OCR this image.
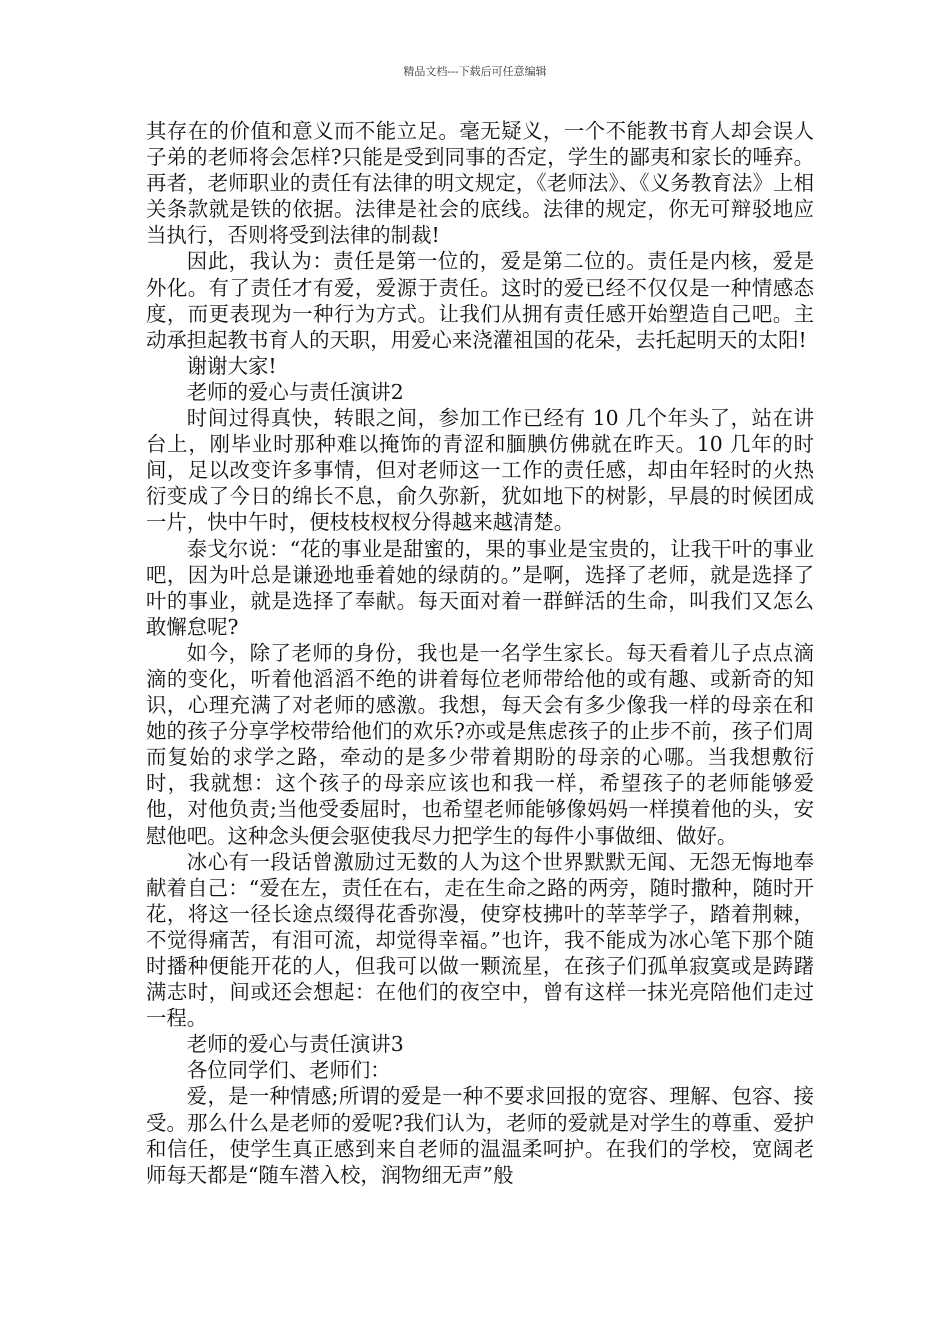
精品文档---下载后可任意编辑

其存在的价值和意义而不能立足。毫无疑义，一个不能教书育人却会误人子弟的老师将会怎样?只能是受到同事的否定，学生的鄙夷和家长的唾弃。再者，老师职业的责任有法律的明文规定，《老师法》、《义务教育法》上相关条款就是铁的依据。法律是社会的底线。法律的规定，你无可辩驳地应当执行，否则将受到法律的制裁!

因此，我认为：责任是第一位的，爱是第二位的。责任是内核，爱是外化。有了责任才有爱，爱源于责任。这时的爱已经不仅仅是一种情感态度，而更表现为一种行为方式。让我们从拥有责任感开始塑造自己吧。主动承担起教书育人的天职，用爱心来浇灌祖国的花朵，去托起明天的太阳!

谢谢大家!

老师的爱心与责任演讲2

时间过得真快，转眼之间，参加工作已经有 10 几个年头了，站在讲台上，刚毕业时那种难以掩饰的青涩和腼腆仿佛就在昨天。10 几年的时间，足以改变许多事情，但对老师这一工作的责任感，却由年轻时的火热衍变成了今日的绵长不息，俞久弥新，犹如地下的树影，早晨的时候团成一片，快中午时，便枝枝杈杈分得越来越清楚。

泰戈尔说：“花的事业是甜蜜的，果的事业是宝贵的，让我干叶的事业吧，因为叶总是谦逊地垂着她的绿荫的。”是啊，选择了老师，就是选择了叶的事业，就是选择了奉献。每天面对着一群鲜活的生命，叫我们又怎么敢懈怠呢?

如今，除了老师的身份，我也是一名学生家长。每天看着儿子点点滴滴的变化，听着他滔滔不绝的讲着每位老师带给他的或有趣、或新奇的知识，心理充满了对老师的感激。我想，每天会有多少像我一样的母亲在和她的孩子分享学校带给他们的欢乐?亦或是焦虑孩子的止步不前，孩子们周而复始的求学之路，牵动的是多少带着期盼的母亲的心哪。当我想敷衍时，我就想：这个孩子的母亲应该也和我一样，希望孩子的老师能够爱他，对他负责;当他受委屈时，也希望老师能够像妈妈一样摸着他的头，安慰他吧。这种念头便会驱使我尽力把学生的每件小事做细、做好。

冰心有一段话曾激励过无数的人为这个世界默默无闻、无怨无悔地奉献着自己：“爱在左，责任在右，走在生命之路的两旁，随时撒种，随时开花，将这一径长途点缀得花香弥漫，使穿枝拂叶的莘莘学子，踏着荆棘，不觉得痛苦，有泪可流，却觉得幸福。”也许，我不能成为冰心笔下那个随时播种便能开花的人，但我可以做一颗流星，在孩子们孤单寂寞或是踌躇满志时，间或还会想起：在他们的夜空中，曾有这样一抹光亮陪他们走过一程。

老师的爱心与责任演讲3

各位同学们、老师们：

爱，是一种情感;所谓的爱是一种不要求回报的宽容、理解、包容、接受。那么什么是老师的爱呢?我们认为，老师的爱就是对学生的尊重、爱护和信任，使学生真正感到来自老师的温温柔呵护。在我们的学校，宽阔老师每天都是“随车潜入校，润物细无声”般
